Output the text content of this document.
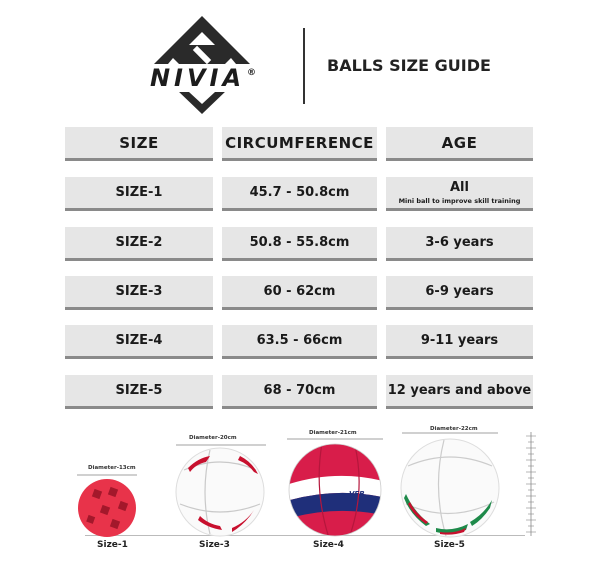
NIVIA ®	BALLS SIZE GUIDE
SIZE	CIRCUMFERENCE	AGE
SIZE-1	45.7 - 50.8cm	All
Mini ball to improve skill training
SIZE-2	50.8 - 55.8cm	3-6 years
SIZE-3	60 - 62cm	6-9 years
SIZE-4	63.5 - 66cm	9-11 years
SIZE-5	68 - 70cm	12 years and above
Diameter-13cm
Size-1
Diameter-20cm
Size-3
Diameter-21cm
VFB
Size-4
Diameter-22cm
Size-5
